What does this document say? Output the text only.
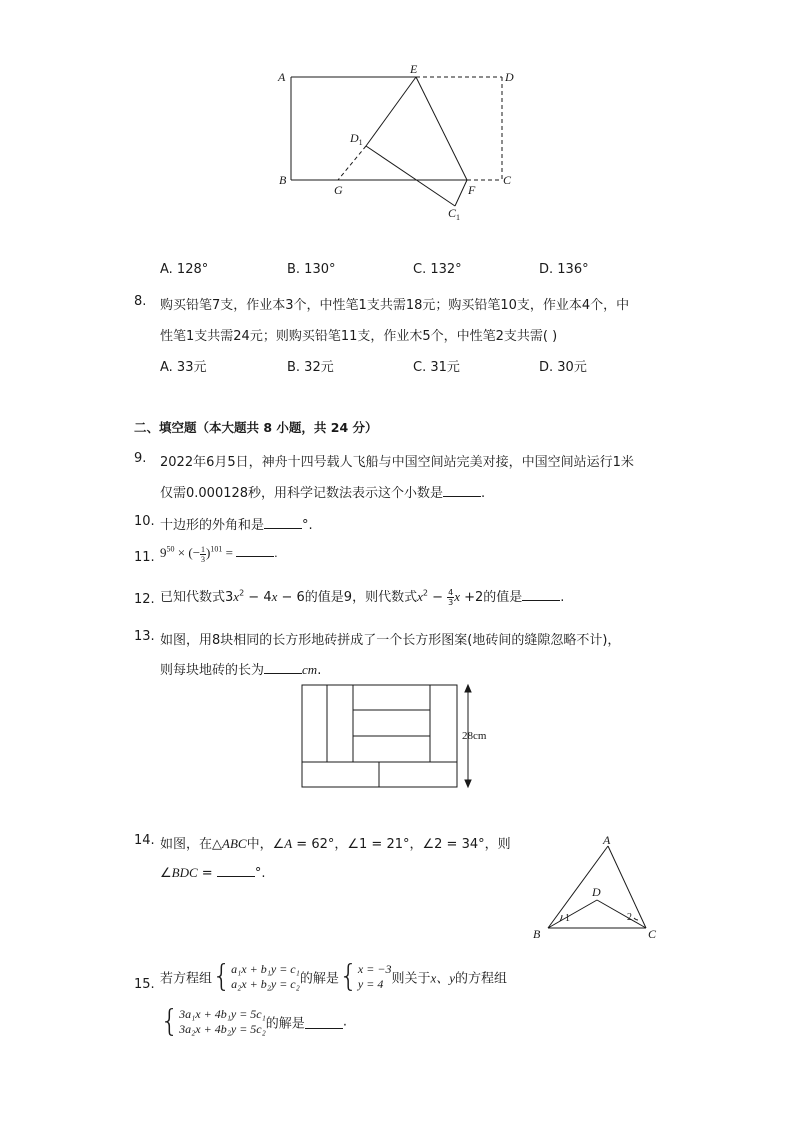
A
E
D
$D_1$
B
G	F
C
$C_1$
A. 128°	B. 130°	C. 132°	D. 136°
8. 购买铅笔7支，作业本3个，中性笔1支共需18元；购买铅笔10支，作业本4个，中
性笔1支共需24元；则购买铅笔11支，作业木5个，中性笔2支共需( )
A. 33元	B. 32元	C. 31元	D. 30元
二、填空题（本大题共 8 小题，共 24 分）
9. 2022年6月5日，神舟十四号载人飞船与中国空间站完美对接，中国空间站运行1米
仅需0.000128秒，用科学记数法表示这个小数是	.
10. 十边形的外角和是	°.
11. $9^{50}$ × (− $\frac{1}{3} )^{101}$ =	.
12. 已知代数式$3x^2 - 4x - 6$的值是9，则代数式$x^2 - \frac{4}{3}$ x +2的值是	.
13. 如图，用8块相同的长方形地砖拼成了一个长方形图案(地砖间的缝隙忽略不计)，
则每块地砖的长为	cm.
28cm
14. 如图，在△ABC中，∠A = 62°，∠1 = 21°，∠2 = 34°，则
∠BDC =	°.
A
B	C
D
1	2
15. 若方程组{ a₁x + b₁y = c₁
a₂x + b₂y = c₂ 的解是{ x = −3
y = 4 则关于x、y的方程组
{ 3a₁x + 4b₁y = 5c₁
3a₂x + 4b₂y = 5c₂ 的解是	.
